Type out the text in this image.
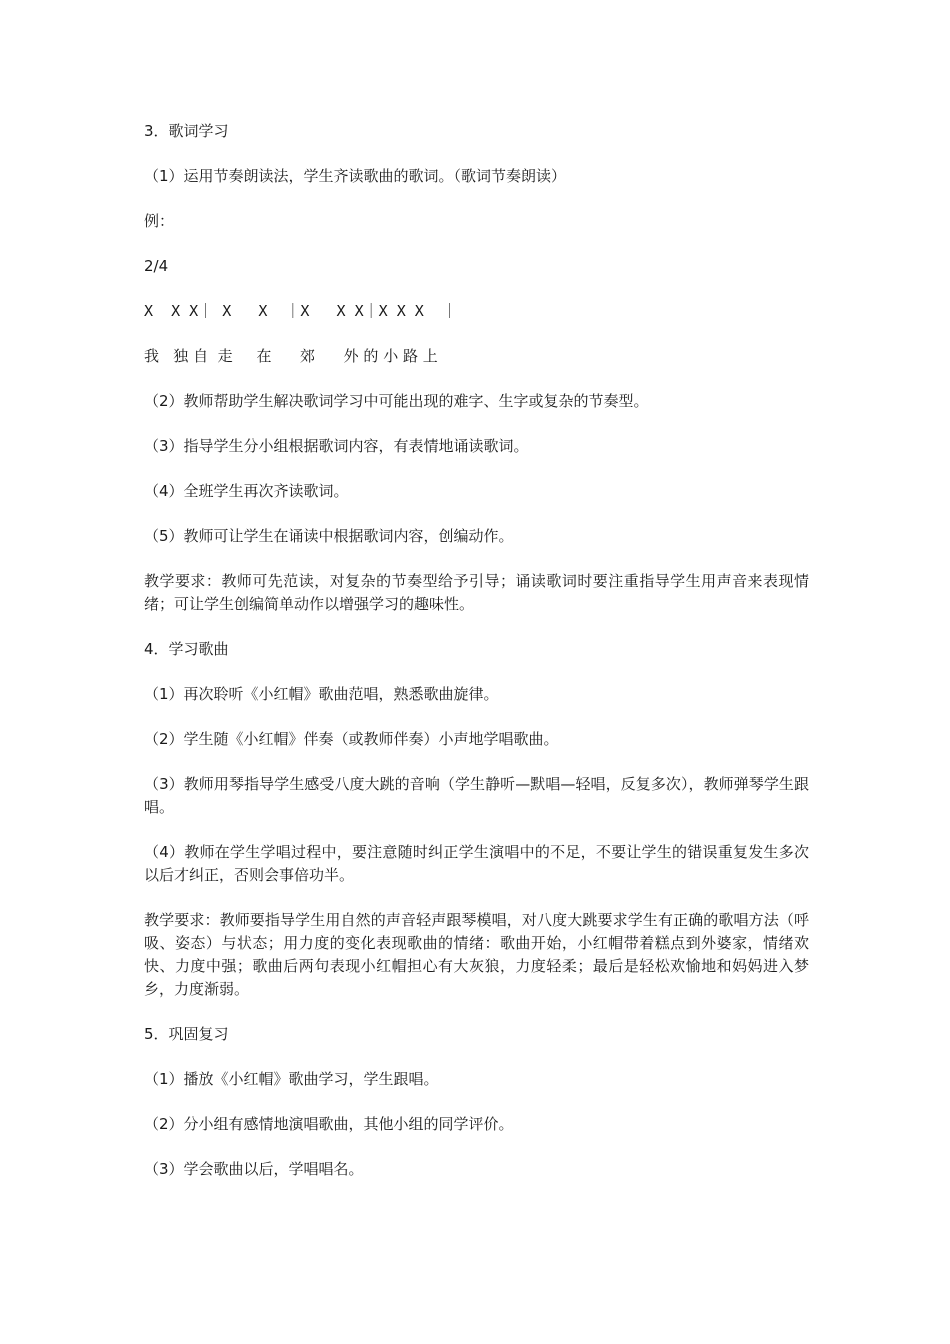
3．歌词学习

（1）运用节奏朗读法，学生齐读歌曲的歌词。（歌词节奏朗读）

例：

2/4

X  X X｜ X   X  ｜X   X X｜X X X  ｜

我   独 自  走     在      郊      外 的 小 路 上

（2）教师帮助学生解决歌词学习中可能出现的难字、生字或复杂的节奏型。

（3）指导学生分小组根据歌词内容，有表情地诵读歌词。

（4）全班学生再次齐读歌词。

（5）教师可让学生在诵读中根据歌词内容，创编动作。

教学要求：教师可先范读，对复杂的节奏型给予引导；诵读歌词时要注重指导学生用声音来表现情绪；可让学生创编简单动作以增强学习的趣味性。

4．学习歌曲

（1）再次聆听《小红帽》歌曲范唱，熟悉歌曲旋律。

（2）学生随《小红帽》伴奏（或教师伴奏）小声地学唱歌曲。

（3）教师用琴指导学生感受八度大跳的音响（学生静听—默唱—轻唱，反复多次），教师弹琴学生跟唱。

（4）教师在学生学唱过程中，要注意随时纠正学生演唱中的不足，不要让学生的错误重复发生多次以后才纠正，否则会事倍功半。

教学要求：教师要指导学生用自然的声音轻声跟琴模唱，对八度大跳要求学生有正确的歌唱方法（呼吸、姿态）与状态；用力度的变化表现歌曲的情绪：歌曲开始，小红帽带着糕点到外婆家，情绪欢快、力度中强；歌曲后两句表现小红帽担心有大灰狼，力度轻柔；最后是轻松欢愉地和妈妈进入梦乡，力度渐弱。

5．巩固复习

（1）播放《小红帽》歌曲学习，学生跟唱。

（2）分小组有感情地演唱歌曲，其他小组的同学评价。

（3）学会歌曲以后，学唱唱名。
